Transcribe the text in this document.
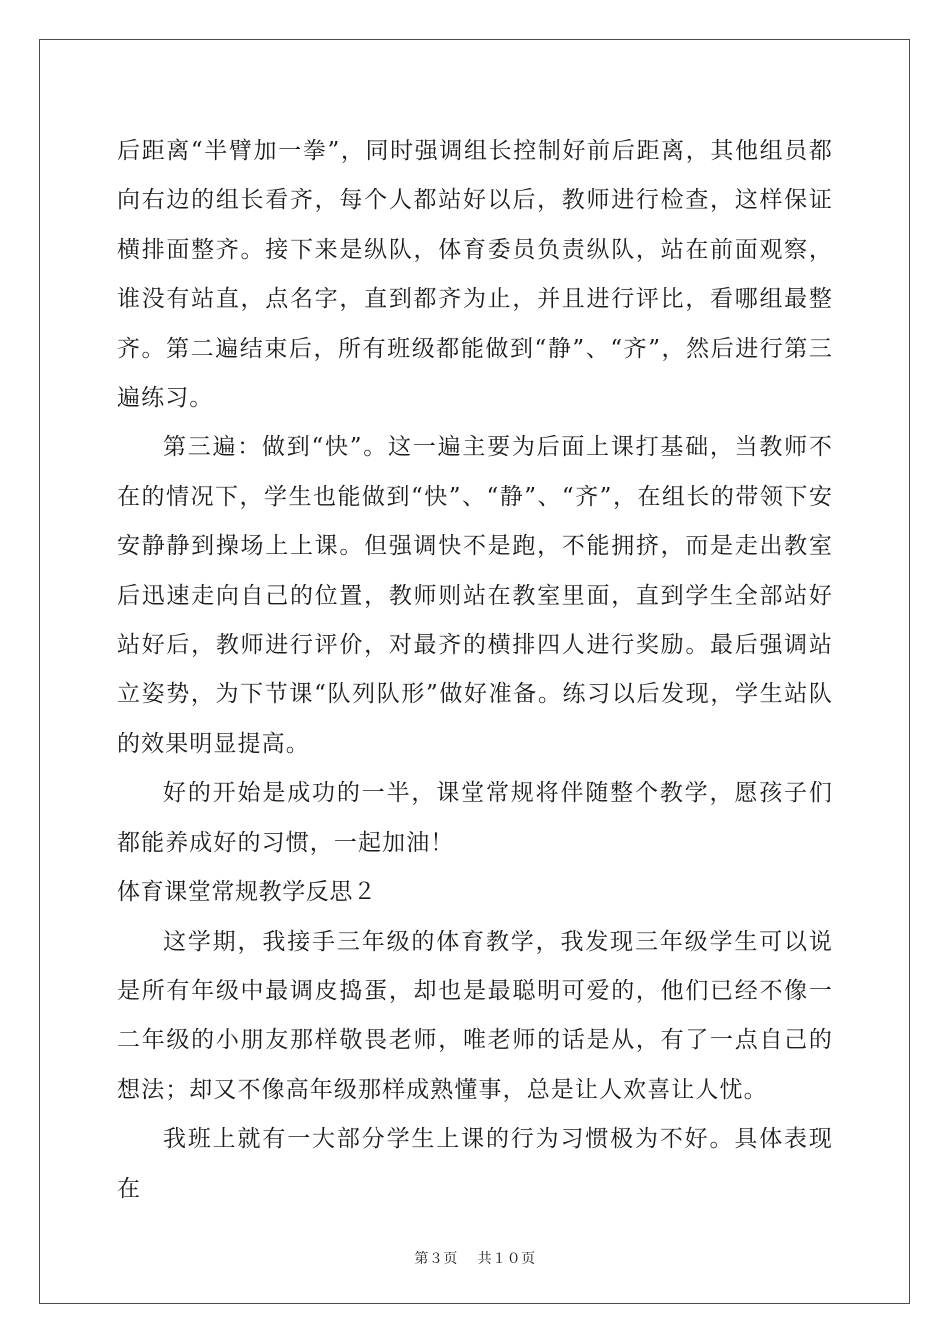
后距离“半臂加一拳”，同时强调组长控制好前后距离，其他组员都向右边的组长看齐，每个人都站好以后，教师进行检查，这样保证横排面整齐。接下来是纵队，体育委员负责纵队，站在前面观察，谁没有站直，点名字，直到都齐为止，并且进行评比，看哪组最整齐。第二遍结束后，所有班级都能做到“静”、“齐”，然后进行第三遍练习。

第三遍：做到“快”。这一遍主要为后面上课打基础，当教师不在的情况下，学生也能做到“快”、“静”、“齐”，在组长的带领下安安静静到操场上上课。但强调快不是跑，不能拥挤，而是走出教室后迅速走向自己的位置，教师则站在教室里面，直到学生全部站好站好后，教师进行评价，对最齐的横排四人进行奖励。最后强调站立姿势，为下节课“队列队形”做好准备。练习以后发现，学生站队的效果明显提高。

好的开始是成功的一半，课堂常规将伴随整个教学，愿孩子们都能养成好的习惯，一起加油！

体育课堂常规教学反思２

这学期，我接手三年级的体育教学，我发现三年级学生可以说是所有年级中最调皮捣蛋，却也是最聪明可爱的，他们已经不像一二年级的小朋友那样敬畏老师，唯老师的话是从，有了一点自己的想法；却又不像高年级那样成熟懂事，总是让人欢喜让人忧。

我班上就有一大部分学生上课的行为习惯极为不好。具体表现在

第３页 共１０页
